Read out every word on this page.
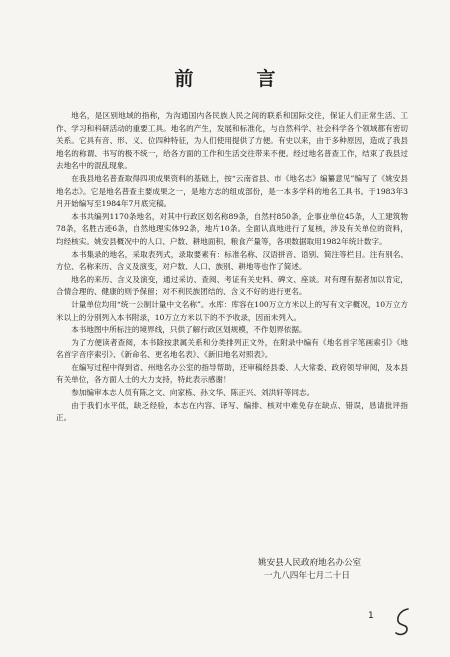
前　言

地名，是区别地域的指称，为沟通国内各民族人民之间的联系和国际交往，保证人们正常生活、工作、学习和科研活动的重要工具。地名的产生，发展和标准化，与自然科学、社会科学各个领域都有密切关系。它具有音、形、义、位四种特征，为人们使用提供了方便。有史以来，由于多种原因，造成了我县地名的称谓、书写的极不统一，给各方面的工作和生活交往带来不便。经过地名普查工作，结束了我县过去地名中的混乱现象。

在我县地名普查取得四项成果资料的基础上，按“云南省县、市《地名志》编纂意见”编写了《姚安县地名志》。它是地名普查主要成果之一，是地方志的组成部份，是一本多学科的地名工具书。于1983年3月开始编写至1984年7月底完稿。

本书共编列1170条地名，对其中行政区划名称89条，自然村850条，企事业单位45条，人工建筑物78条，名胜古迹6条，自然地理实体92条，地片10条。全面认真地进行了复核，涉及有关单位的资料，均经核实。姚安县概况中的人口、户数、耕地面积、粮食产量等，各项数据取用1982年统计数字。

本书集录的地名，采取表列式，录取要素有：标准名称、汉语拼音、语别、简注等栏目。注有别名、方位、名称来历、含义及演变，对户数、人口、族别、耕地等也作了简述。

地名的来历、含义及演变，通过采访、查阅、考证有关史料、碑文、座谈。对有理有据者加以肯定，合情合理的、健康的则予保留；对不利民族团结的、含义不好的进行更名。

计量单位均用“统一公制计量中文名称”。水库：库容在100万立方米以上的写有文字概况，10万立方米以上的分别列入本书附录，10万立方米以下的不予收录，因而未列入。

本书地图中所标注的境界线，只供了解行政区划规模，不作划界依据。

为了方便读者查阅，本书除按隶属关系和分类排列正文外，在附录中编有《地名首字笔画索引》《地名首字音序索引》、《新命名、更名地名表》、《新旧地名对照表》。

在编写过程中得到省、州地名办公室的指导帮助，还审稿经县委、人大常委、政府领导审阅，及本县有关单位，各方面人士的大力支持，特此表示感谢！

参加编审本志人员有陈之文、向家栋、孙文华、陈正兴、刘洪轩等同志。

由于我们水平低，缺乏经验，本志在内容、译写、编排、核对中难免存在缺点、错误，恳请批评指正。

姚安县人民政府地名办公室
一九八四年七月二十日
1
